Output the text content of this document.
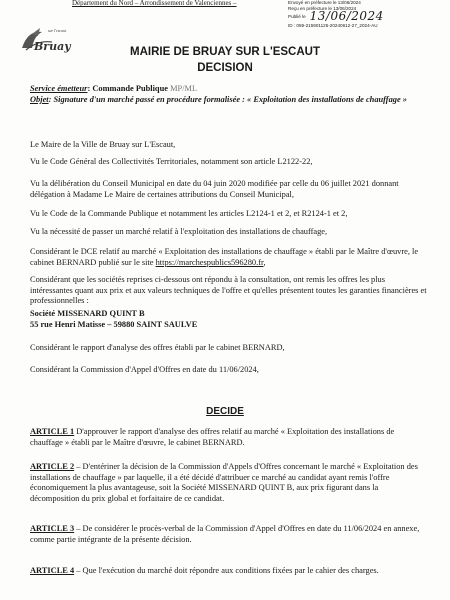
Département du Nord – Arrondissement de Valenciennes –	Envoyé en préfecture le 13/06/2024
Reçu en préfecture le 13/06/2024
Publié le 13/06/2024
ID : 059-215901125-20240612-27_2024-AU
sur l'escaut
Bruay	MAIRIE DE BRUAY SUR L'ESCAUT
DECISION
Service émetteur: Commande Publique MP/ML
Objet: Signature d'un marché passé en procédure formalisée : « Exploitation des installations de chauffage »
Le Maire de la Ville de Bruay sur L'Escaut,
Vu le Code Général des Collectivités Territoriales, notamment son article L2122-22,
Vu la délibération du Conseil Municipal en date du 04 juin 2020 modifiée par celle du 06 juillet 2021 donnant délégation à Madame Le Maire de certaines attributions du Conseil Municipal,
Vu le Code de la Commande Publique et notamment les articles L2124-1 et 2, et R2124-1 et 2,
Vu la nécessité de passer un marché relatif à l'exploitation des installations de chauffage,
Considérant le DCE relatif au marché « Exploitation des installations de chauffage » établi par le Maître d'œuvre, le cabinet BERNARD publié sur le site https://marchespublics596280.fr,
Considérant que les sociétés reprises ci-dessous ont répondu à la consultation, ont remis les offres les plus intéressantes quant aux prix et aux valeurs techniques de l'offre et qu'elles présentent toutes les garanties financières et professionnelles :
Société MISSENARD QUINT B
55 rue Henri Matisse – 59880 SAINT SAULVE
Considérant le rapport d'analyse des offres établi par le cabinet BERNARD,
Considérant la Commission d'Appel d'Offres en date du 11/06/2024,
DECIDE
ARTICLE 1 D'approuver le rapport d'analyse des offres relatif au marché « Exploitation des installations de chauffage » établi par le Maître d'œuvre, le cabinet BERNARD.
ARTICLE 2 – D'entériner la décision de la Commission d'Appels d'Offres concernant le marché « Exploitation des installations de chauffage » par laquelle, il a été décidé d'attribuer ce marché au candidat ayant remis l'offre économiquement la plus avantageuse, soit la Société MISSENARD QUINT B, aux prix figurant dans la décomposition du prix global et forfaitaire de ce candidat.
ARTICLE 3 – De considérer le procès-verbal de la Commission d'Appel d'Offres en date du 11/06/2024 en annexe, comme partie intégrante de la présente décision.
ARTICLE 4 – Que l'exécution du marché doit répondre aux conditions fixées par le cahier des charges.
